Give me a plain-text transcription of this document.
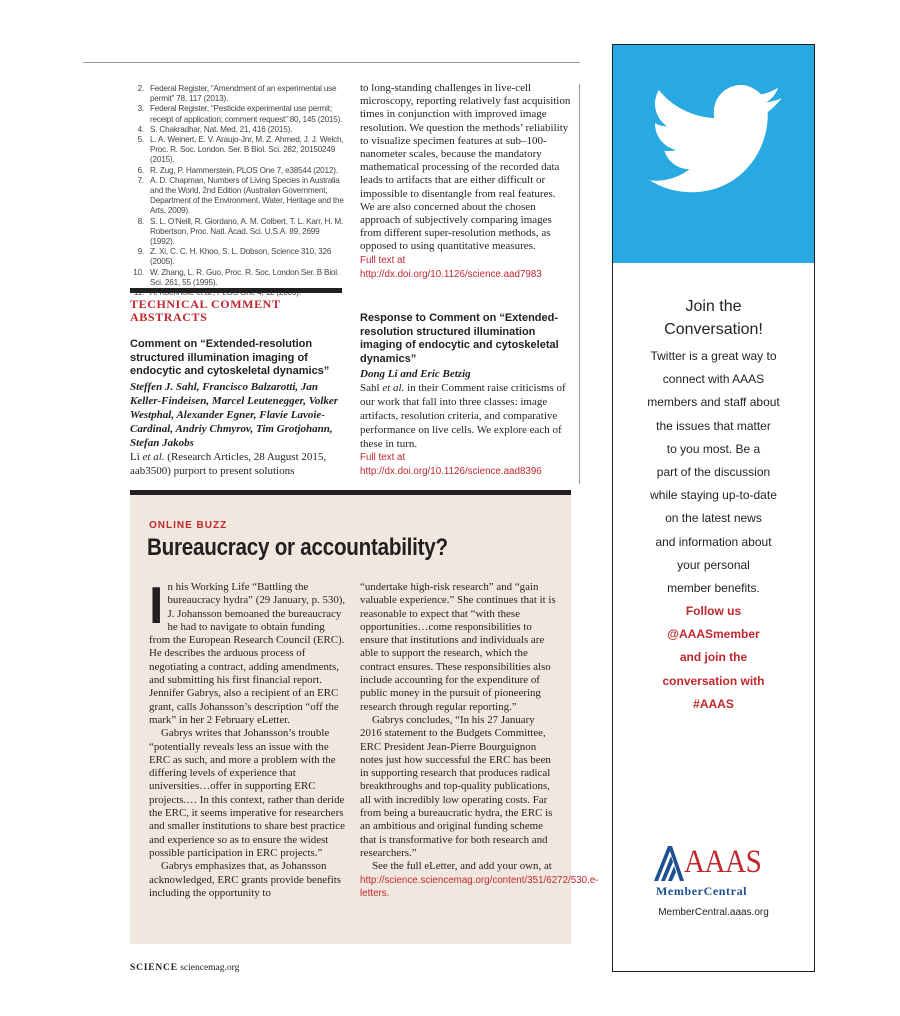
2. Federal Register, “Amendment of an experimental use permit” 78, 117 (2013).
3. Federal Register, “Pesticide experimental use permit; receipt of application; comment request” 80, 145 (2015).
4. S. Chakradhar, Nat. Med. 21, 416 (2015).
5. L. A. Weinert, E. V. Araujo-Jnr, M. Z. Ahmed, J. J. Welch, Proc. R. Soc. London. Ser. B Biol. Sci. 282, 20150249 (2015).
6. R. Zug, P. Hammerstein, PLOS One 7, e38544 (2012).
7. A. D. Chapman, Numbers of Living Species in Australia and the World, 2nd Edition (Australian Government, Department of the Environment, Water, Heritage and the Arts, 2009).
8. S. L. O’Neill, R. Giordano, A. M. Colbert, T. L. Karr, H. M. Robertson, Proc. Natl. Acad. Sci. U.S.A. 89, 2699 (1992).
9. Z. Xi, C. C. H. Khoo, S. L. Dobson, Science 310, 326 (2005).
10. W. Zhang, L. R. Guo, Proc. R. Soc. London Ser. B Biol. Sci. 261, 55 (1995).
TECHNICAL COMMENT
ABSTRACTS
Comment on “Extended-resolution structured illumination imaging of endocytic and cytoskeletal dynamics”
Steffen J. Sahl, Francisco Balzarotti, Jan Keller-Findeisen, Marcel Leutenegger, Volker Westphal, Alexander Egner, Flavie Lavoie-Cardinal, Andriy Chmyrov, Tim Grotjohann, Stefan Jakobs
Li et al. (Research Articles, 28 August 2015, aab3500) purport to present solutions
to long-standing challenges in live-cell microscopy, reporting relatively fast acquisition times in conjunction with improved image resolution. We question the methods’ reliability to visualize specimen features at sub–100-nanometer scales, because the mandatory mathematical processing of the recorded data leads to artifacts that are either difficult or impossible to disentangle from real features. We are also concerned about the chosen approach of subjectively comparing images from different super-resolution methods, as opposed to using quantitative measures.
Full text at http://dx.doi.org/10.1126/science.aad7983
Response to Comment on “Extended-resolution structured illumination imaging of endocytic and cytoskeletal dynamics”
Dong Li and Eric Betzig
Sahl et al. in their Comment raise criticisms of our work that fall into three classes: image artifacts, resolution criteria, and comparative performance on live cells. We explore each of these in turn.
Full text at http://dx.doi.org/10.1126/science.aad8396
ONLINE BUZZ
Bureaucracy or accountability?

In his Working Life “Battling the bureaucracy hydra” (29 January, p. 530), J. Johansson bemoaned the bureaucracy he had to navigate to obtain funding from the European Research Council (ERC). He describes the arduous process of negotiating a contract, adding amendments, and submitting his first financial report. Jennifer Gabrys, also a recipient of an ERC grant, calls Johansson’s description “off the mark” in her 2 February eLetter.

Gabrys writes that Johansson’s trouble “potentially reveals less an issue with the ERC as such, and more a problem with the differing levels of experience that universities…offer in supporting ERC projects.… In this context, rather than deride the ERC, it seems imperative for researchers and smaller institutions to share best practice and experience so as to ensure the widest possible participation in ERC projects.”

Gabrys emphasizes that, as Johansson acknowledged, ERC grants provide benefits including the opportunity to

“undertake high-risk research” and “gain valuable experience.” She continues that it is reasonable to expect that “with these opportunities…come responsibilities to ensure that institutions and individuals are able to support the research, which the contract ensures. These responsibilities also include accounting for the expenditure of public money in the pursuit of pioneering research through regular reporting.”

Gabrys concludes, “In his 27 January 2016 statement to the Budgets Committee, ERC President Jean-Pierre Bourguignon notes just how successful the ERC has been in supporting research that produces radical breakthroughs and top-quality publications, all with incredibly low operating costs. Far from being a bureaucratic hydra, the ERC is an ambitious and original funding scheme that is transformative for both research and researchers.”

See the full eLetter, and add your own, at http://science.sciencemag.org/content/351/6272/530.e-letters.

SCIENCE sciencemag.org
Join the
Conversation!
Twitter is a great way to
connect with AAAS
members and staff about
the issues that matter
to you most. Be a
part of the discussion
while staying up-to-date
on the latest news
and information about
your personal
member benefits.
Follow us
@AAASmember
and join the
conversation with
#AAAS
AAAS
MemberCentral
MemberCentral.aaas.org
